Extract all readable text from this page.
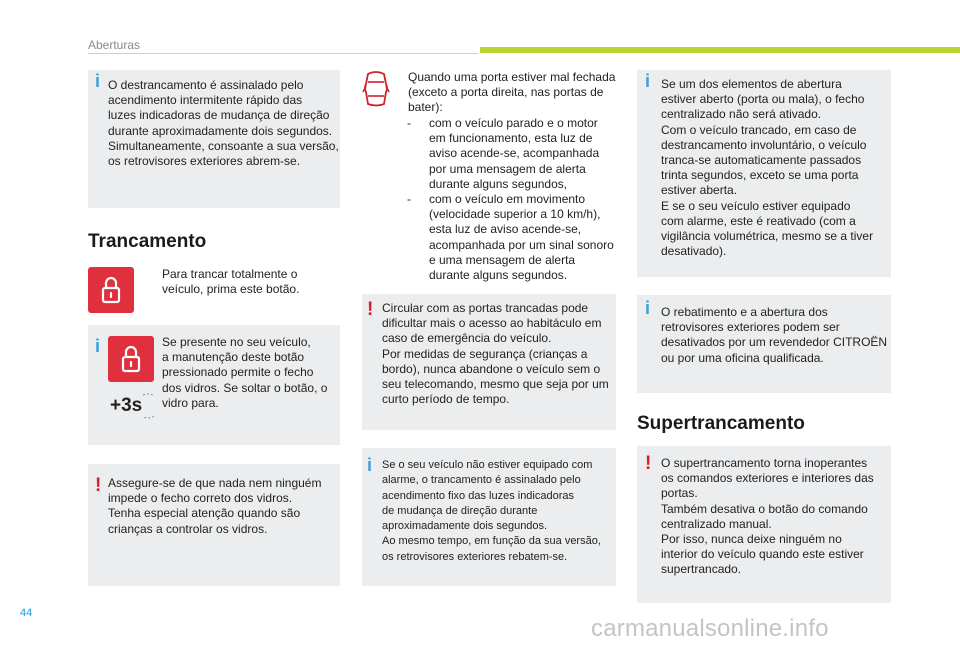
Aberturas
i O destrancamento é assinalado pelo
acendimento intermitente rápido das
luzes indicadoras de mudança de direção
durante aproximadamente dois segundos.
Simultaneamente, consoante a sua versão,
os retrovisores exteriores abrem-se.
Trancamento
Para trancar totalmente o
veículo, prima este botão.
i
+3s
Se presente no seu veículo,
a manutenção deste botão
pressionado permite o fecho
dos vidros. Se soltar o botão, o
vidro para.
! Assegure-se de que nada nem ninguém
impede o fecho correto dos vidros.
Tenha especial atenção quando são
crianças a controlar os vidros.
Quando uma porta estiver mal fechada
(exceto a porta direita, nas portas de
bater):
- com o veículo parado e o motor
em funcionamento, esta luz de
aviso acende-se, acompanhada
por uma mensagem de alerta
durante alguns segundos,
- com o veículo em movimento
(velocidade superior a 10 km/h),
esta luz de aviso acende-se,
acompanhada por um sinal sonoro
e uma mensagem de alerta
durante alguns segundos.
! Circular com as portas trancadas pode
dificultar mais o acesso ao habitáculo em
caso de emergência do veículo.
Por medidas de segurança (crianças a
bordo), nunca abandone o veículo sem o
seu telecomando, mesmo que seja por um
curto período de tempo.
i Se o seu veículo não estiver equipado com
alarme, o trancamento é assinalado pelo
acendimento fixo das luzes indicadoras
de mudança de direção durante
aproximadamente dois segundos.
Ao mesmo tempo, em função da sua versão,
os retrovisores exteriores rebatem-se.
i Se um dos elementos de abertura
estiver aberto (porta ou mala), o fecho
centralizado não será ativado.
Com o veículo trancado, em caso de
destrancamento involuntário, o veículo
tranca-se automaticamente passados
trinta segundos, exceto se uma porta
estiver aberta.
E se o seu veículo estiver equipado
com alarme, este é reativado (com a
vigilância volumétrica, mesmo se a tiver
desativado).
i O rebatimento e a abertura dos
retrovisores exteriores podem ser
desativados por um revendedor CITROËN
ou por uma oficina qualificada.
Supertrancamento
! O supertrancamento torna inoperantes
os comandos exteriores e interiores das
portas.
Também desativa o botão do comando
centralizado manual.
Por isso, nunca deixe ninguém no
interior do veículo quando este estiver
supertrancado.
44
carmanualsonline.info
